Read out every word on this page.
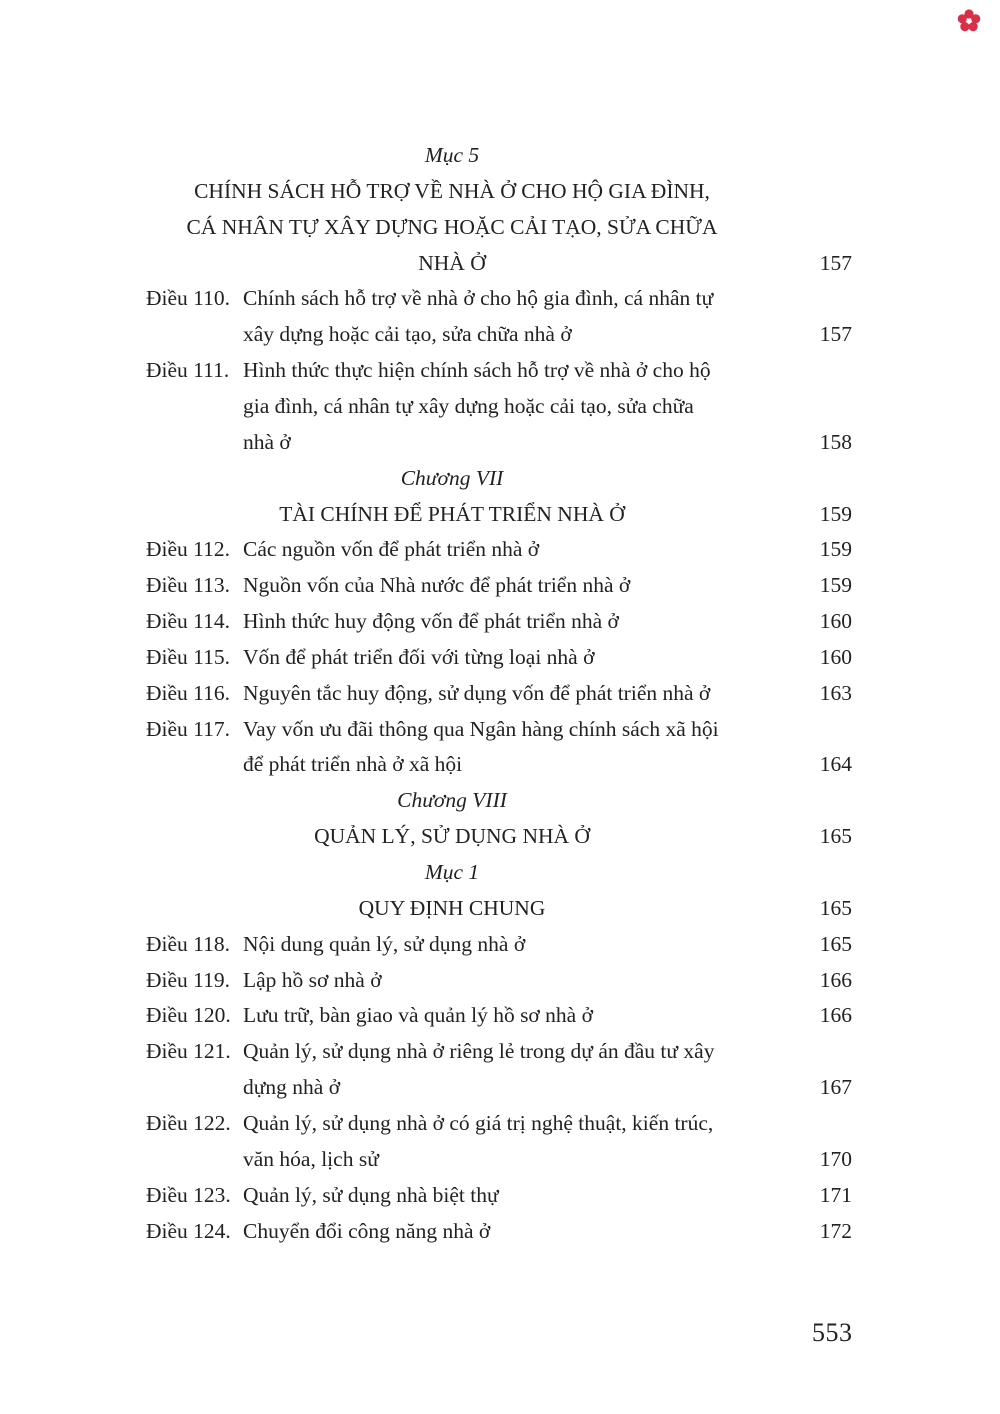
Mục 5
CHÍNH SÁCH HỖ TRỢ VỀ NHÀ Ở CHO HỘ GIA ĐÌNH,
CÁ NHÂN TỰ XÂY DỰNG HOẶC CẢI TẠO, SỬA CHỮA
NHÀ Ở	157
Điều 110. Chính sách hỗ trợ về nhà ở cho hộ gia đình, cá nhân tự
xây dựng hoặc cải tạo, sửa chữa nhà ở	157
Điều 111. Hình thức thực hiện chính sách hỗ trợ về nhà ở cho hộ
gia đình, cá nhân tự xây dựng hoặc cải tạo, sửa chữa
nhà ở	158
Chương VII
TÀI CHÍNH ĐỂ PHÁT TRIỂN NHÀ Ở	159
Điều 112. Các nguồn vốn để phát triển nhà ở	159
Điều 113. Nguồn vốn của Nhà nước để phát triển nhà ở	159
Điều 114. Hình thức huy động vốn để phát triển nhà ở	160
Điều 115. Vốn để phát triển đối với từng loại nhà ở	160
Điều 116. Nguyên tắc huy động, sử dụng vốn để phát triển nhà ở	163
Điều 117. Vay vốn ưu đãi thông qua Ngân hàng chính sách xã hội
để phát triển nhà ở xã hội	164
Chương VIII
QUẢN LÝ, SỬ DỤNG NHÀ Ở	165
Mục 1
QUY ĐỊNH CHUNG	165
Điều 118. Nội dung quản lý, sử dụng nhà ở	165
Điều 119. Lập hồ sơ nhà ở	166
Điều 120. Lưu trữ, bàn giao và quản lý hồ sơ nhà ở	166
Điều 121. Quản lý, sử dụng nhà ở riêng lẻ trong dự án đầu tư xây
dựng nhà ở	167
Điều 122. Quản lý, sử dụng nhà ở có giá trị nghệ thuật, kiến trúc,
văn hóa, lịch sử	170
Điều 123. Quản lý, sử dụng nhà biệt thự	171
Điều 124. Chuyển đổi công năng nhà ở	172
553
